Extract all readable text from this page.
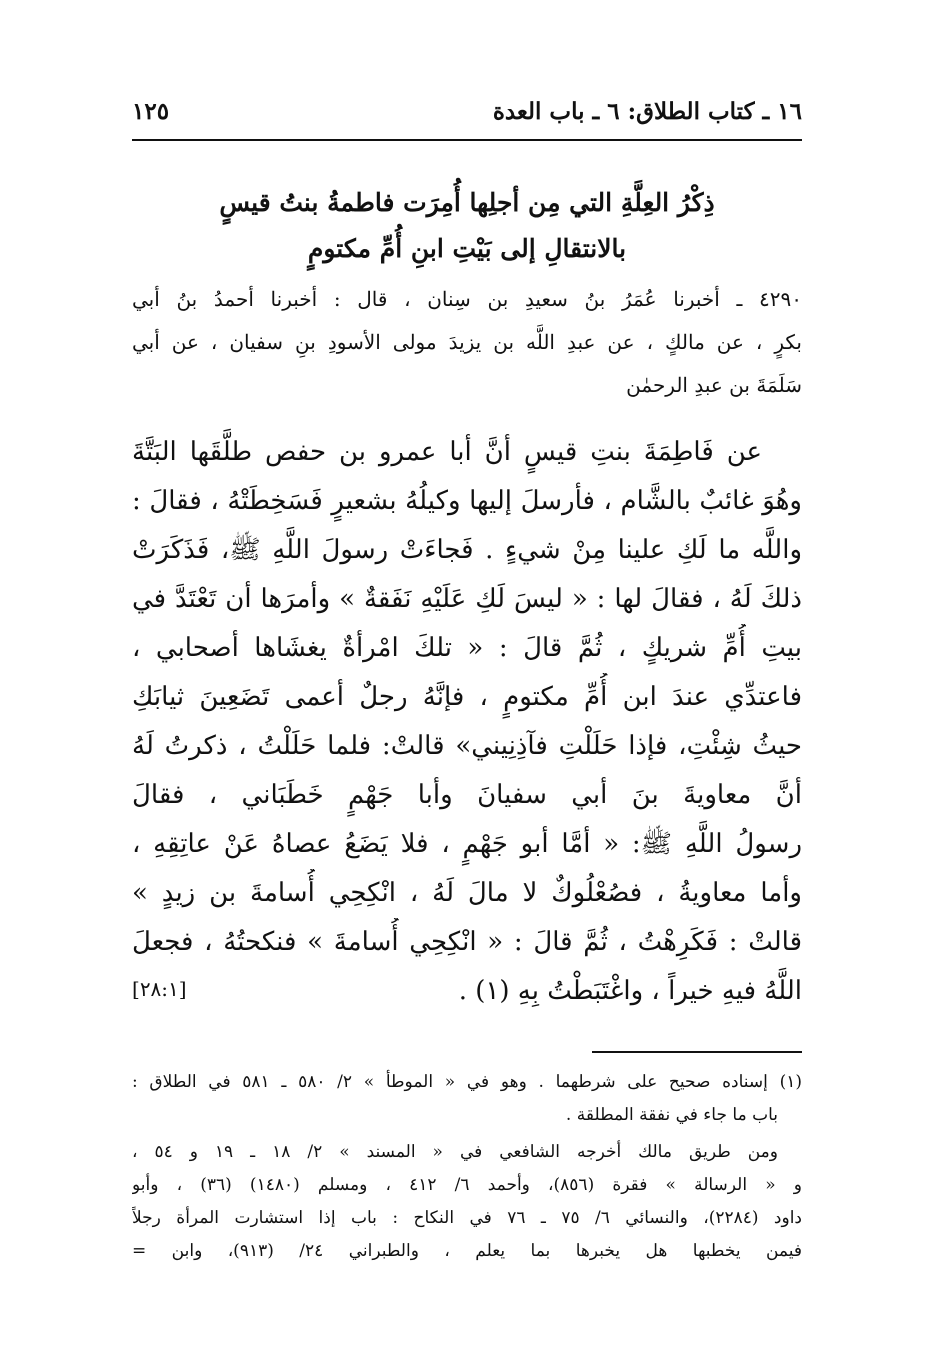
١٦ ـ كتاب الطلاق: ٦ ـ باب العدة
١٢٥
ذِكْرُ العِلَّةِ التي مِن أجلِها أُمِرَت فاطمةُ بنتُ قيسٍ
بالانتقالِ إلى بَيْتِ ابنِ أُمِّ مكتومٍ
٤٢٩٠ ـ أخبرنا عُمَرُ بنُ سعيدِ بن سِنان ، قال : أخبرنا أحمدُ بنُ أبي
بكرٍ ، عن مالكٍ ، عن عبدِ اللَّه بن يزيدَ مولى الأسودِ بنِ سفيان ، عن أبي
سَلَمَةَ بن عبدِ الرحمٰن
عن فَاطِمَةَ بنتِ قيسٍ أنَّ أبا عمرو بن حفص طلَّقَها البَتَّةَ
وهُوَ غائبٌ بالشَّام ، فأرسلَ إليها وكيلُهُ بشعيرٍ فَسَخِطَتْهُ ، فقالَ :
واللَّه ما لَكِ علينا مِنْ شيءٍ . فَجاءَتْ رسولَ اللَّهِ ﷺ، فَذَكَرَتْ
ذلكَ لَهُ ، فقالَ لها : « ليسَ لَكِ عَلَيْهِ نَفَقةٌ » وأمرَها أن تَعْتَدَّ في
بيتِ أُمِّ شريكٍ ، ثُمَّ قالَ : « تلكَ امْرأةٌ يغشَاها أصحابي ،
فاعتدِّي عندَ ابن أُمِّ مكتومٍ ، فإنَّهُ رجلٌ أعمى تَضَعِينَ ثيابَكِ
حيثُ شِئْتِ، فإذا حَلَلْتِ فآذِنِيني» قالتْ: فلما حَلَلْتُ ، ذكرتُ لَهُ
أنَّ معاويةَ بنَ أبي سفيانَ وأبا جَهْمٍ خَطَبَاني ، فقالَ
رسولُ اللَّهِ ﷺ: « أمَّا أبو جَهْمٍ ، فلا يَضَعُ عصاهُ عَنْ عاتِقِهِ ،
وأما معاويةُ ، فصُعْلُوكٌ لا مالَ لَهُ ، انْكِحِي أُسامةَ بن زيدٍ »
قالتْ : فَكَرِهْتُ ، ثُمَّ قالَ : « انْكِحِي أُسامةَ » فنكحتُهُ ، فجعلَ
اللَّهُ فيهِ خيراً ، واغْتَبَطْتُ بِهِ (١) .
[٢٨:١]
(١) إسناده صحيح على شرطهما . وهو في « الموطأ » ٢/ ٥٨٠ ـ ٥٨١ في الطلاق :
باب ما جاء في نفقة المطلقة .
ومن طريق مالك أخرجه الشافعي في « المسند » ٢/ ١٨ ـ ١٩ و ٥٤ ،
و « الرسالة » فقرة (٨٥٦)، وأحمد ٦/ ٤١٢ ، ومسلم (١٤٨٠) (٣٦) ، وأبو
داود (٢٢٨٤)، والنسائي ٦/ ٧٥ ـ ٧٦ في النكاح : باب إذا استشارت المرأة رجلاً
فيمن يخطبها هل يخبرها بما يعلم ، والطبراني ٢٤/ (٩١٣)، وابن =
